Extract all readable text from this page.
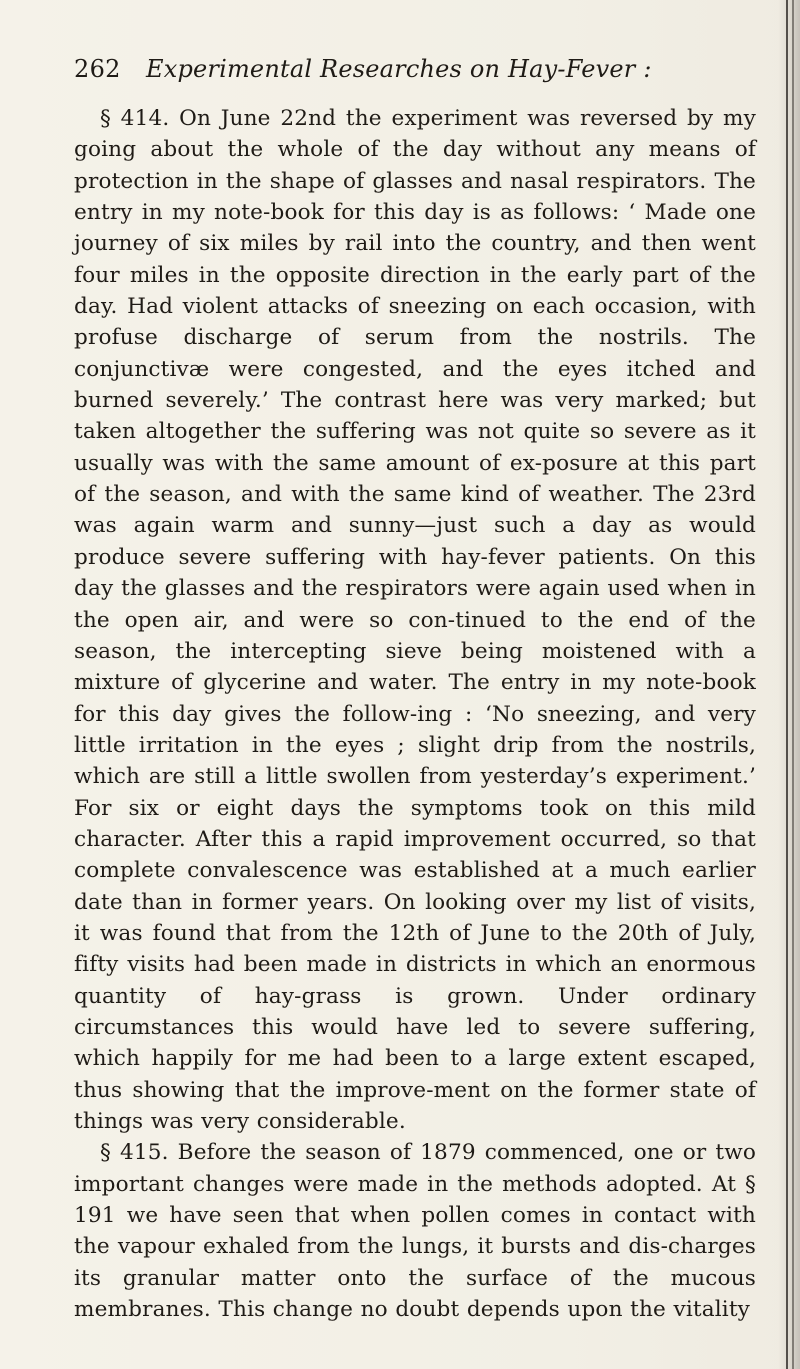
262 Experimental Researches on Hay-Fever :

§ 414. On June 22nd the experiment was reversed by my going about the whole of the day without any means of protection in the shape of glasses and nasal respirators. The entry in my note-book for this day is as follows: ‘ Made one journey of six miles by rail into the country, and then went four miles in the opposite direction in the early part of the day. Had violent attacks of sneezing on each occasion, with profuse discharge of serum from the nostrils. The conjunctivæ were congested, and the eyes itched and burned severely.’ The contrast here was very marked; but taken altogether the suffering was not quite so severe as it usually was with the same amount of ex-posure at this part of the season, and with the same kind of weather. The 23rd was again warm and sunny—just such a day as would produce severe suffering with hay-fever patients. On this day the glasses and the respirators were again used when in the open air, and were so con-tinued to the end of the season, the intercepting sieve being moistened with a mixture of glycerine and water. The entry in my note-book for this day gives the follow-ing : ‘No sneezing, and very little irritation in the eyes ; slight drip from the nostrils, which are still a little swollen from yesterday’s experiment.’ For six or eight days the symptoms took on this mild character. After this a rapid improvement occurred, so that complete convalescence was established at a much earlier date than in former years. On looking over my list of visits, it was found that from the 12th of June to the 20th of July, fifty visits had been made in districts in which an enormous quantity of hay-grass is grown. Under ordinary circumstances this would have led to severe suffering, which happily for me had been to a large extent escaped, thus showing that the improve-ment on the former state of things was very considerable.

§ 415. Before the season of 1879 commenced, one or two important changes were made in the methods adopted. At § 191 we have seen that when pollen comes in contact with the vapour exhaled from the lungs, it bursts and dis-charges its granular matter onto the surface of the mucous membranes. This change no doubt depends upon the vitality
